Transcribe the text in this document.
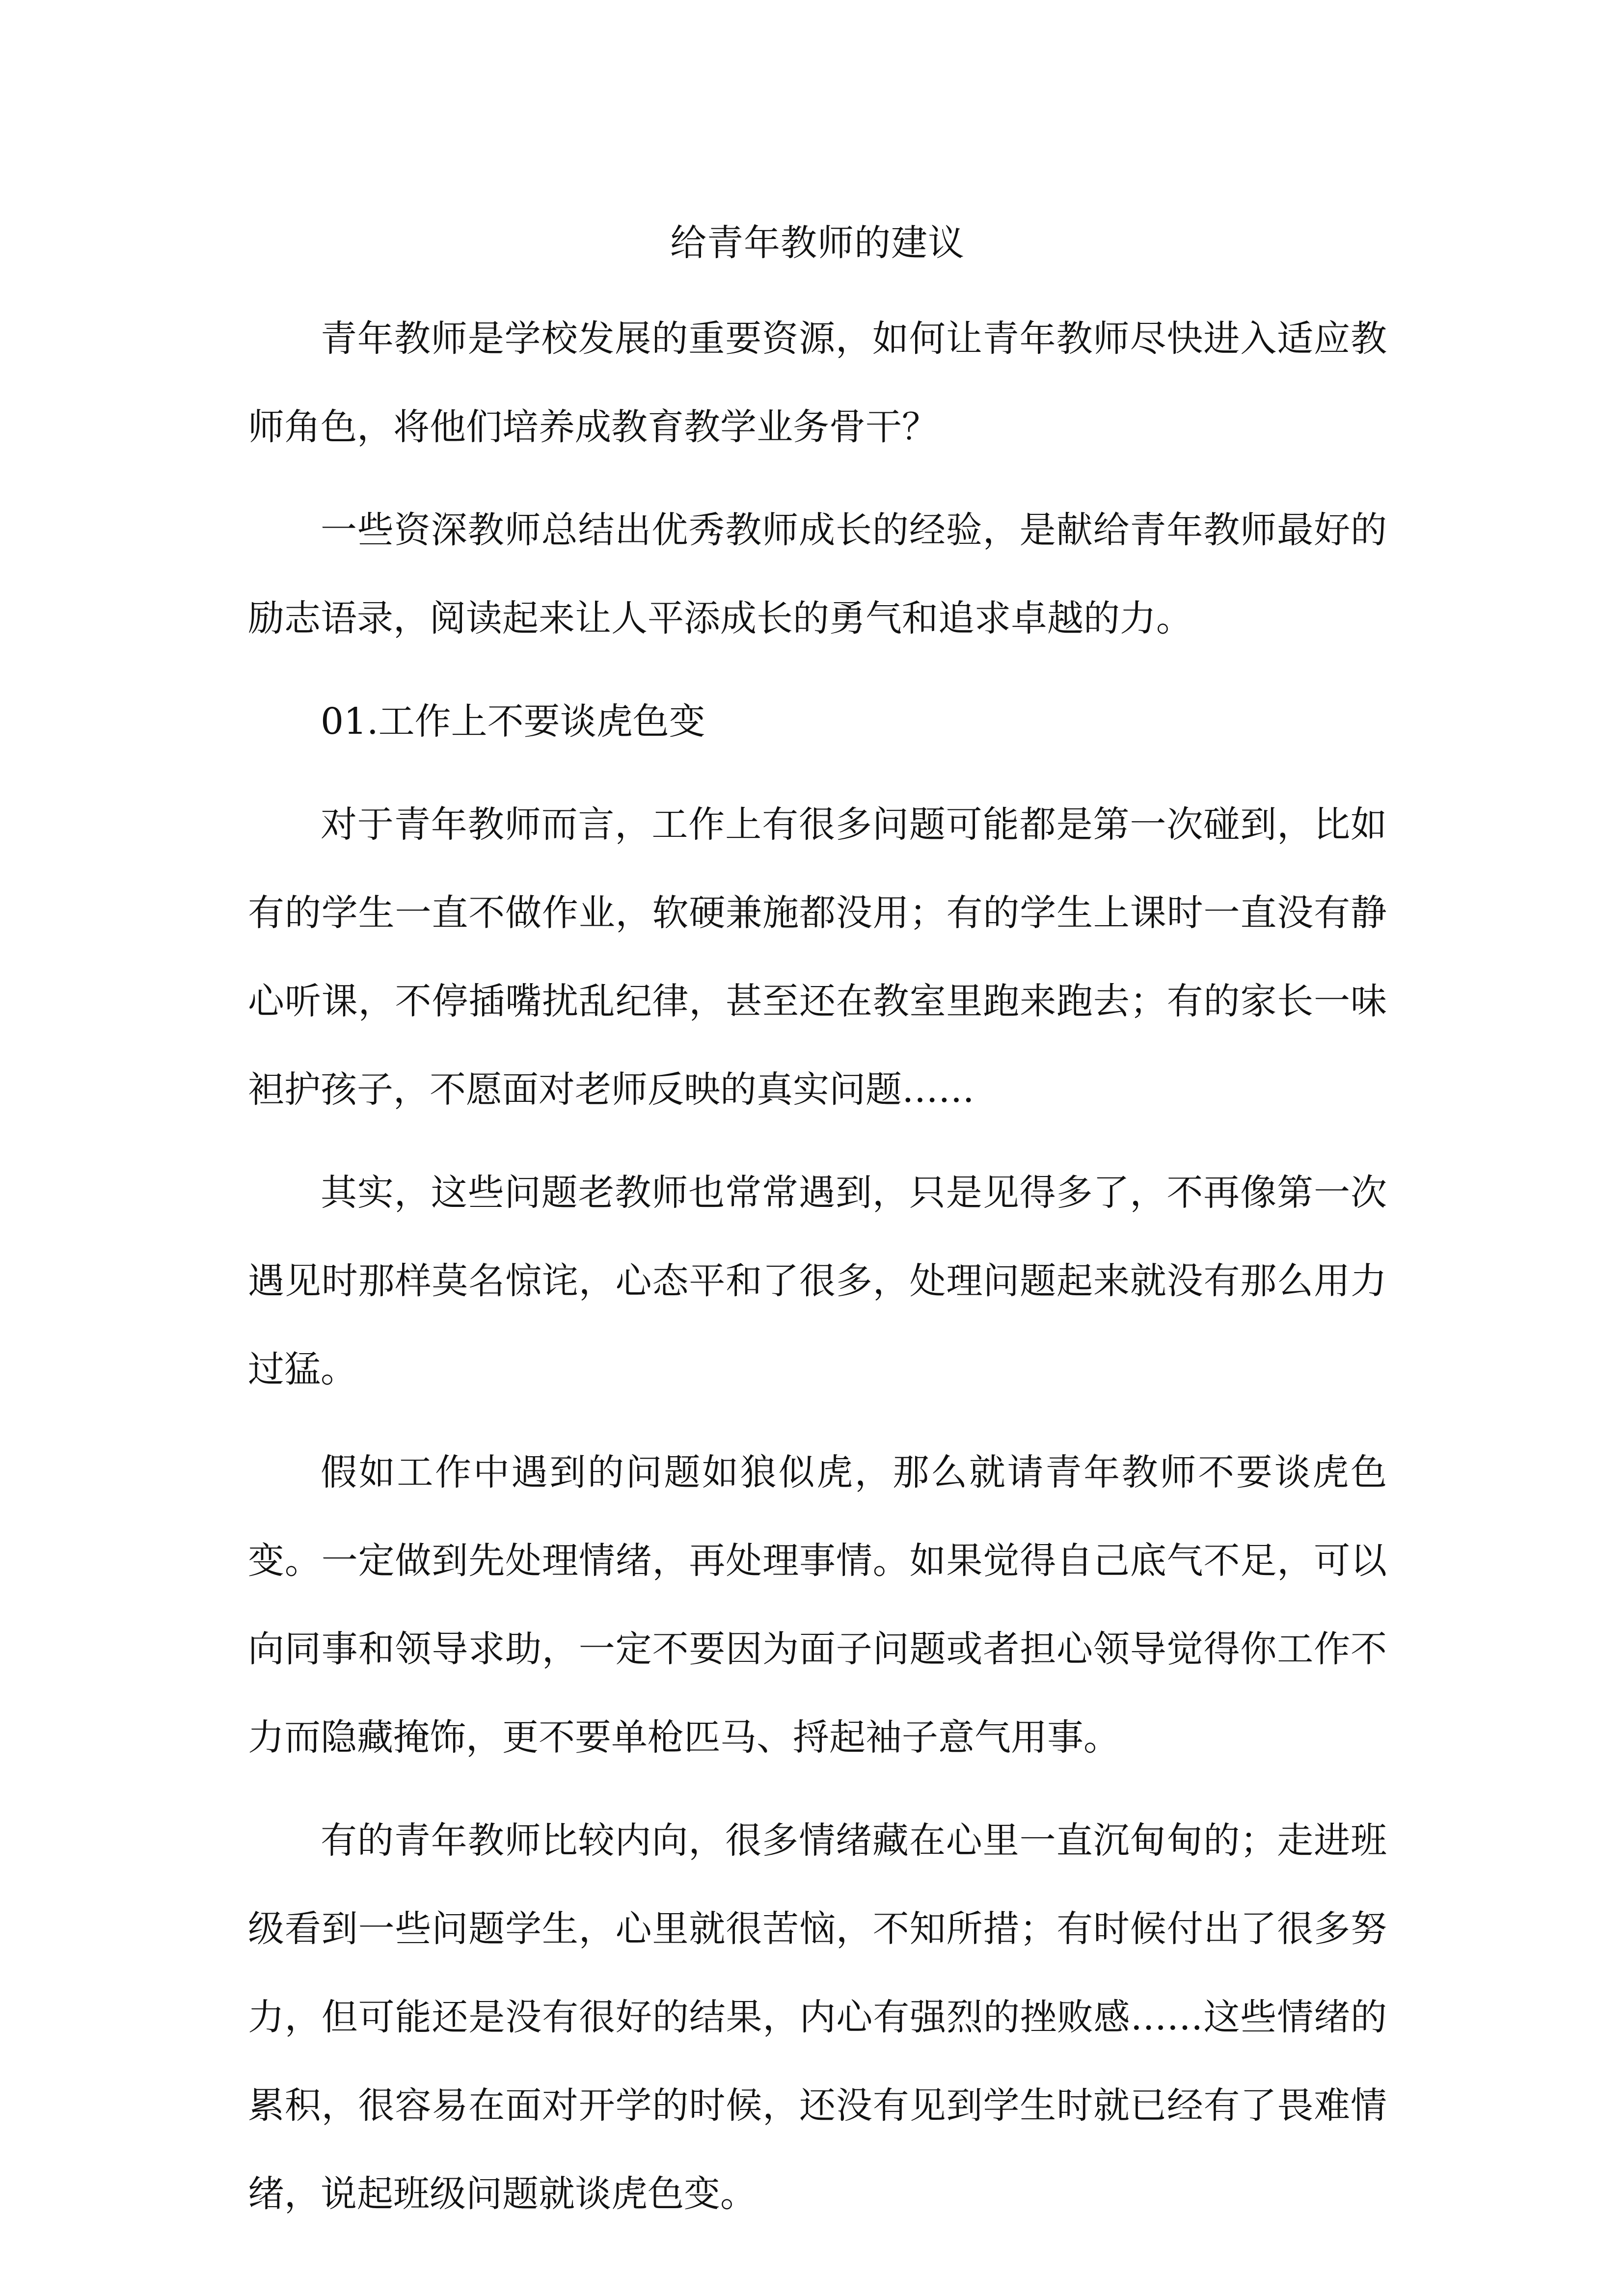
给青年教师的建议

青年教师是学校发展的重要资源，如何让青年教师尽快进入适应教师角色，将他们培养成教育教学业务骨干？

一些资深教师总结出优秀教师成长的经验，是献给青年教师最好的励志语录，阅读起来让人平添成长的勇气和追求卓越的力。

01.工作上不要谈虎色变

对于青年教师而言，工作上有很多问题可能都是第一次碰到，比如有的学生一直不做作业，软硬兼施都没用；有的学生上课时一直没有静心听课，不停插嘴扰乱纪律，甚至还在教室里跑来跑去；有的家长一味袒护孩子，不愿面对老师反映的真实问题……

其实，这些问题老教师也常常遇到，只是见得多了，不再像第一次遇见时那样莫名惊诧，心态平和了很多，处理问题起来就没有那么用力过猛。

假如工作中遇到的问题如狼似虎，那么就请青年教师不要谈虎色变。一定做到先处理情绪，再处理事情。如果觉得自己底气不足，可以向同事和领导求助，一定不要因为面子问题或者担心领导觉得你工作不力而隐藏掩饰，更不要单枪匹马、捋起袖子意气用事。

有的青年教师比较内向，很多情绪藏在心里一直沉甸甸的；走进班级看到一些问题学生，心里就很苦恼，不知所措；有时候付出了很多努力，但可能还是没有很好的结果，内心有强烈的挫败感……这些情绪的累积，很容易在面对开学的时候，还没有见到学生时就已经有了畏难情绪，说起班级问题就谈虎色变。
